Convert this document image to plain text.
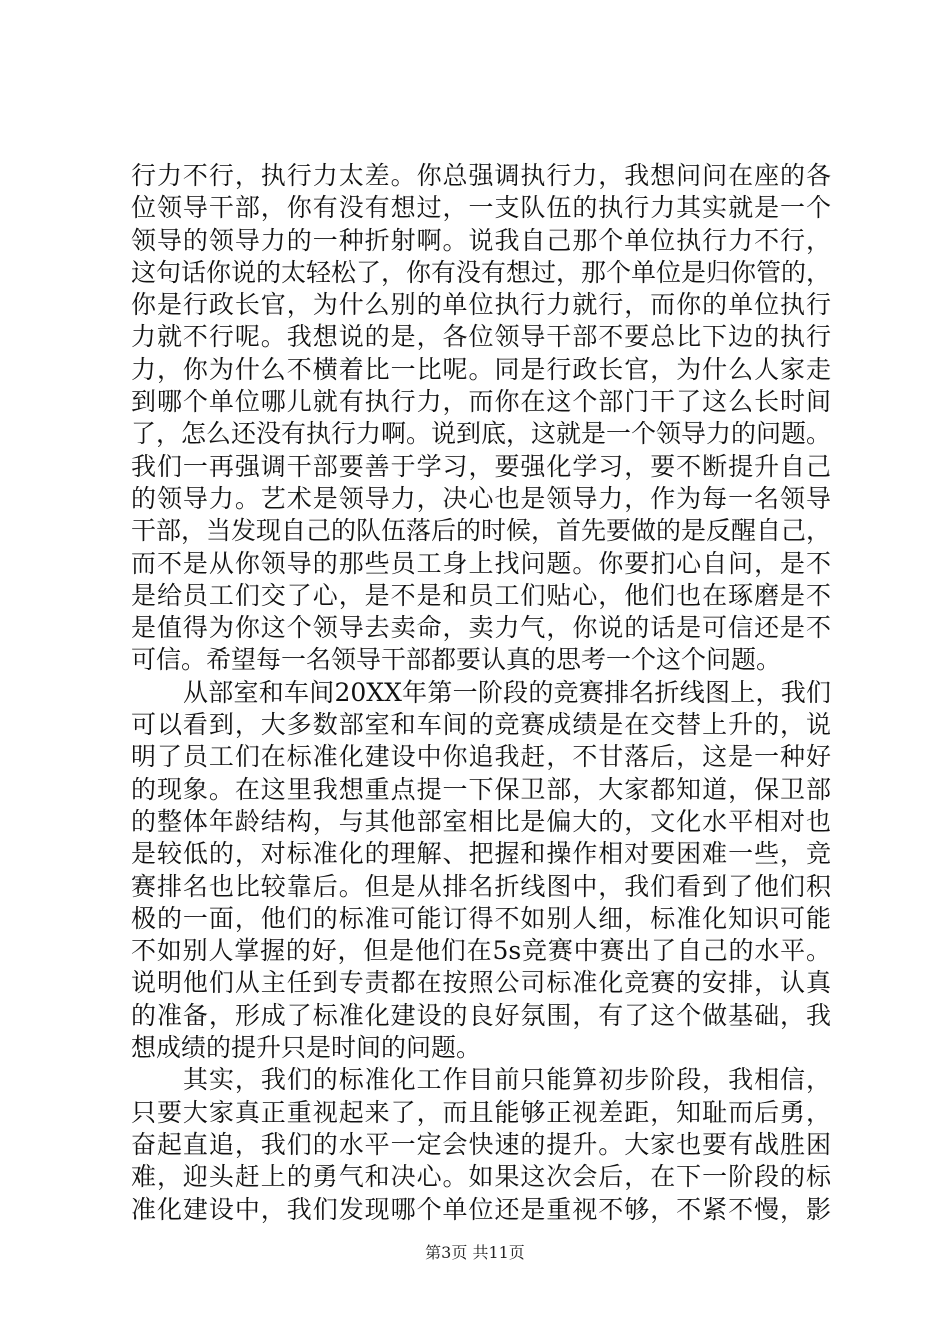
行力不行，执行力太差。你总强调执行力，我想问问在座的各
位领导干部，你有没有想过，一支队伍的执行力其实就是一个
领导的领导力的一种折射啊。说我自己那个单位执行力不行，
这句话你说的太轻松了，你有没有想过，那个单位是归你管的，
你是行政长官，为什么别的单位执行力就行，而你的单位执行
力就不行呢。我想说的是，各位领导干部不要总比下边的执行
力，你为什么不横着比一比呢。同是行政长官，为什么人家走
到哪个单位哪儿就有执行力，而你在这个部门干了这么长时间
了，怎么还没有执行力啊。说到底，这就是一个领导力的问题。
我们一再强调干部要善于学习，要强化学习，要不断提升自己
的领导力。艺术是领导力，决心也是领导力，作为每一名领导
干部，当发现自己的队伍落后的时候，首先要做的是反醒自己，
而不是从你领导的那些员工身上找问题。你要扪心自问，是不
是给员工们交了心，是不是和员工们贴心，他们也在琢磨是不
是值得为你这个领导去卖命，卖力气，你说的话是可信还是不
可信。希望每一名领导干部都要认真的思考一个这个问题。
从部室和车间20XX年第一阶段的竞赛排名折线图上，我们
可以看到，大多数部室和车间的竞赛成绩是在交替上升的，说
明了员工们在标准化建设中你追我赶，不甘落后，这是一种好
的现象。在这里我想重点提一下保卫部，大家都知道，保卫部
的整体年龄结构，与其他部室相比是偏大的，文化水平相对也
是较低的，对标准化的理解、把握和操作相对要困难一些，竞
赛排名也比较靠后。但是从排名折线图中，我们看到了他们积
极的一面，他们的标准可能订得不如别人细，标准化知识可能
不如别人掌握的好，但是他们在5s竞赛中赛出了自己的水平。
说明他们从主任到专责都在按照公司标准化竞赛的安排，认真
的准备，形成了标准化建设的良好氛围，有了这个做基础，我
想成绩的提升只是时间的问题。
其实，我们的标准化工作目前只能算初步阶段，我相信，
只要大家真正重视起来了，而且能够正视差距，知耻而后勇，
奋起直追，我们的水平一定会快速的提升。大家也要有战胜困
难，迎头赶上的勇气和决心。如果这次会后，在下一阶段的标
准化建设中，我们发现哪个单位还是重视不够，不紧不慢，影
第3页 共11页
